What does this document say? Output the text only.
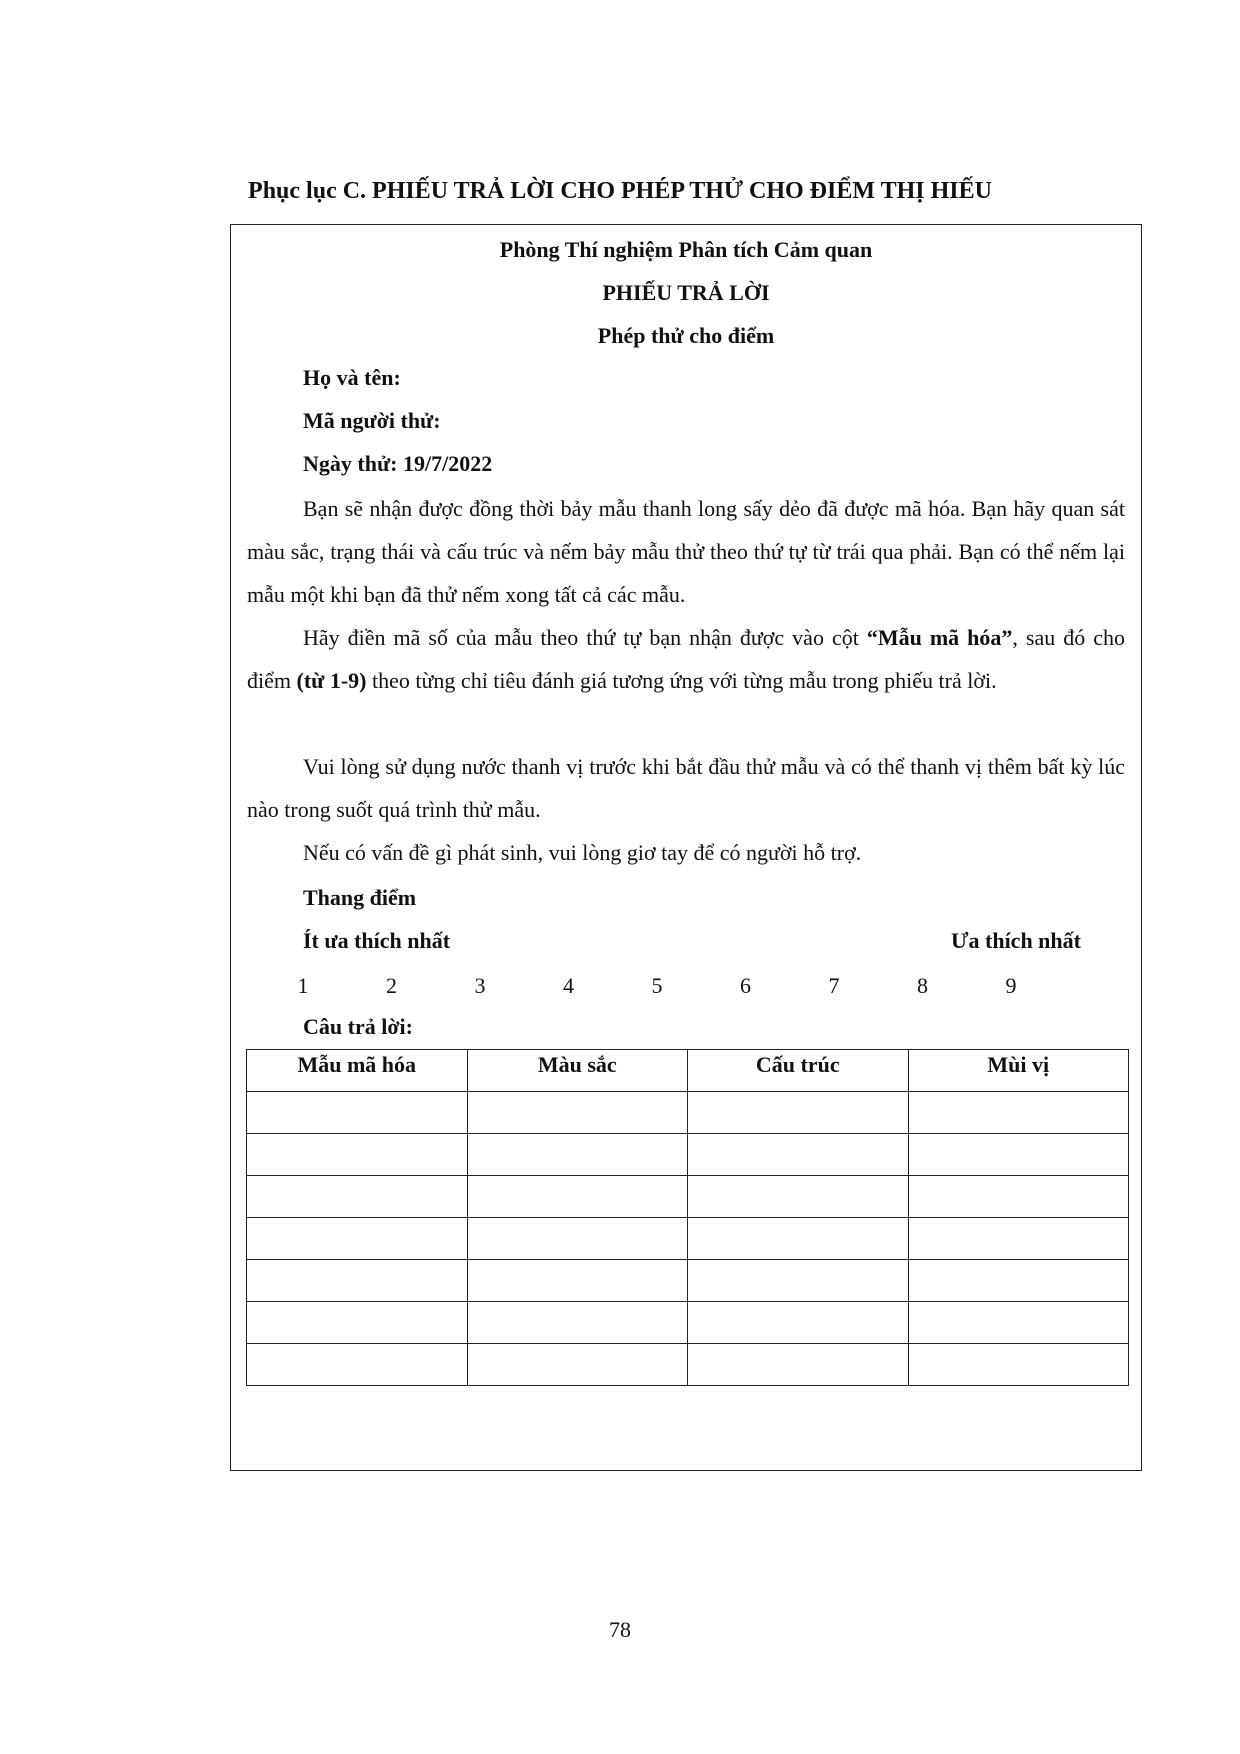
Phục lục C. PHIẾU TRẢ LỜI CHO PHÉP THỬ CHO ĐIỂM THỊ HIẾU
Phòng Thí nghiệm Phân tích Cảm quan
PHIẾU TRẢ LỜI
Phép thử cho điểm
Họ và tên:
Mã người thử:
Ngày thử: 19/7/2022

Bạn sẽ nhận được đồng thời bảy mẫu thanh long sấy dẻo đã được mã hóa. Bạn hãy quan sát màu sắc, trạng thái và cấu trúc và nếm bảy mẫu thử theo thứ tự từ trái qua phải. Bạn có thể nếm lại mẫu một khi bạn đã thử nếm xong tất cả các mẫu.

Hãy điền mã số của mẫu theo thứ tự bạn nhận được vào cột “Mẫu mã hóa”, sau đó cho điểm (từ 1-9) theo từng chỉ tiêu đánh giá tương ứng với từng mẫu trong phiếu trả lời.

Vui lòng sử dụng nước thanh vị trước khi bắt đầu thử mẫu và có thể thanh vị thêm bất kỳ lúc nào trong suốt quá trình thử mẫu.

Nếu có vấn đề gì phát sinh, vui lòng giơ tay để có người hỗ trợ.

Thang điểm
Ít ưa thích nhất	Ưa thích nhất
1	2	3	4	5	6	7	8	9
Câu trả lời:
Mẫu mã hóa	Màu sắc	Cấu trúc	Mùi vị

78
